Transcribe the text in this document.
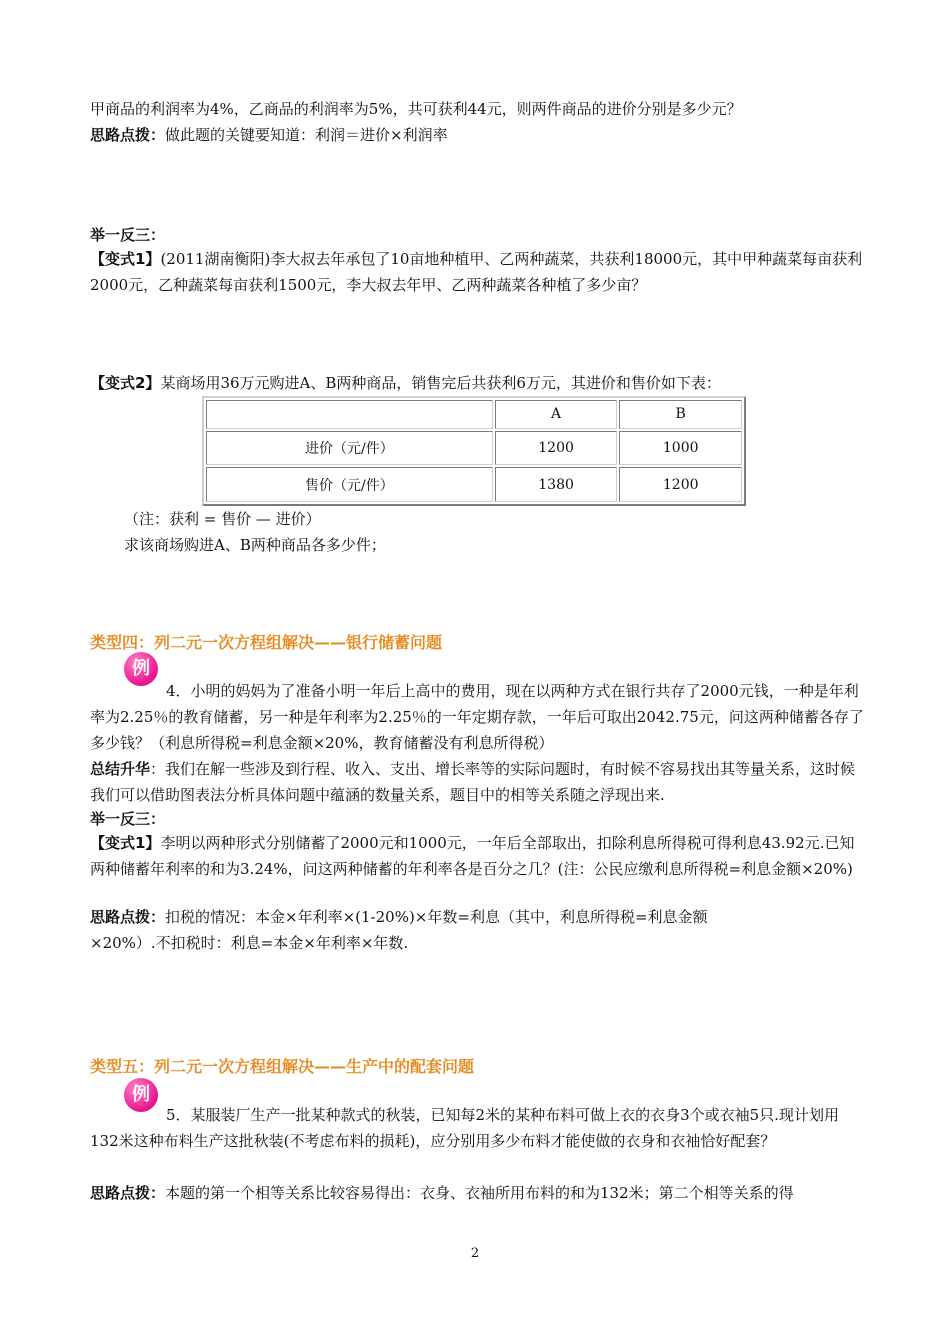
甲商品的利润率为4%，乙商品的利润率为5%，共可获利44元，则两件商品的进价分别是多少元？

思路点拨：做此题的关键要知道：利润＝进价×利润率

举一反三：

【变式1】(2011湖南衡阳)李大叔去年承包了10亩地种植甲、乙两种蔬菜，共获利18000元，其中甲种蔬菜每亩获利2000元，乙种蔬菜每亩获利1500元，李大叔去年甲、乙两种蔬菜各种植了多少亩？

【变式2】某商场用36万元购进A、B两种商品，销售完后共获利6万元，其进价和售价如下表：

	A	B
进价（元/件）	1200	1000
售价（元/件）	1380	1200

（注：获利 = 售价 — 进价）

求该商场购进A、B两种商品各多少件；

类型四：列二元一次方程组解决——银行储蓄问题

例

4．小明的妈妈为了准备小明一年后上高中的费用，现在以两种方式在银行共存了2000元钱，一种是年利率为2.25％的教育储蓄，另一种是年利率为2.25％的一年定期存款，一年后可取出2042.75元，问这两种储蓄各存了多少钱？（利息所得税=利息金额×20%，教育储蓄没有利息所得税）

总结升华：我们在解一些涉及到行程、收入、支出、增长率等的实际问题时，有时候不容易找出其等量关系，这时候我们可以借助图表法分析具体问题中蕴涵的数量关系，题目中的相等关系随之浮现出来.

举一反三：

【变式1】李明以两种形式分别储蓄了2000元和1000元，一年后全部取出，扣除利息所得税可得利息43.92元.已知两种储蓄年利率的和为3.24%，问这两种储蓄的年利率各是百分之几？(注：公民应缴利息所得税=利息金额×20%)

思路点拨：扣税的情况：本金×年利率×(1-20%)×年数=利息（其中，利息所得税=利息金额 ×20%）.不扣税时：利息=本金×年利率×年数.

类型五：列二元一次方程组解决——生产中的配套问题

例

5．某服装厂生产一批某种款式的秋装，已知每2米的某种布料可做上衣的衣身3个或衣袖5只.现计划用132米这种布料生产这批秋装(不考虑布料的损耗)，应分别用多少布料才能使做的衣身和衣袖恰好配套？

思路点拨：本题的第一个相等关系比较容易得出：衣身、衣袖所用布料的和为132米；第二个相等关系的得

2
